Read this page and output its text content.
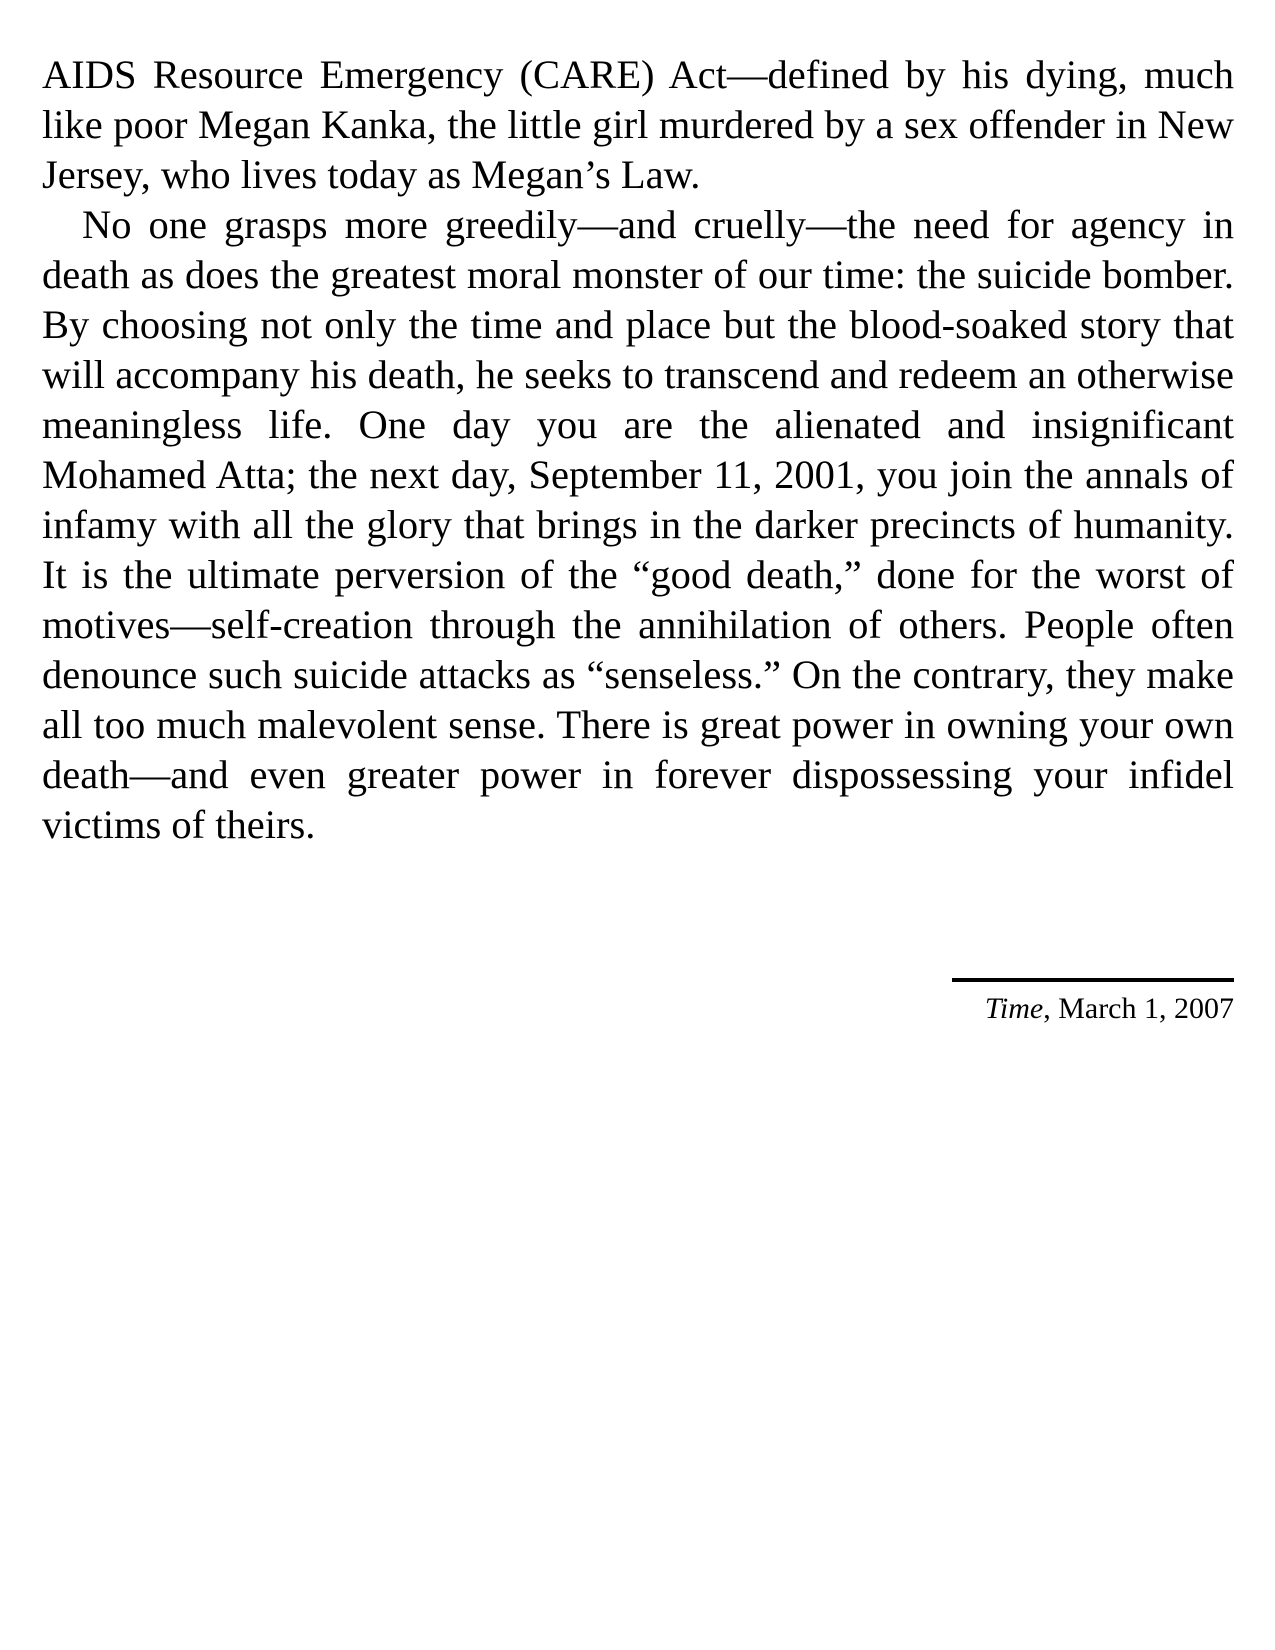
AIDS Resource Emergency (CARE) Act—defined by his dying, much like poor Megan Kanka, the little girl murdered by a sex offender in New Jersey, who lives today as Megan’s Law.

No one grasps more greedily—and cruelly—the need for agency in death as does the greatest moral monster of our time: the suicide bomber. By choosing not only the time and place but the blood-soaked story that will accompany his death, he seeks to transcend and redeem an otherwise meaningless life. One day you are the alienated and insignificant Mohamed Atta; the next day, September 11, 2001, you join the annals of infamy with all the glory that brings in the darker precincts of humanity. It is the ultimate perversion of the “good death,” done for the worst of motives—self-creation through the annihilation of others. People often denounce such suicide attacks as “senseless.” On the contrary, they make all too much malevolent sense. There is great power in owning your own death—and even greater power in forever dispossessing your infidel victims of theirs.

Time, March 1, 2007
